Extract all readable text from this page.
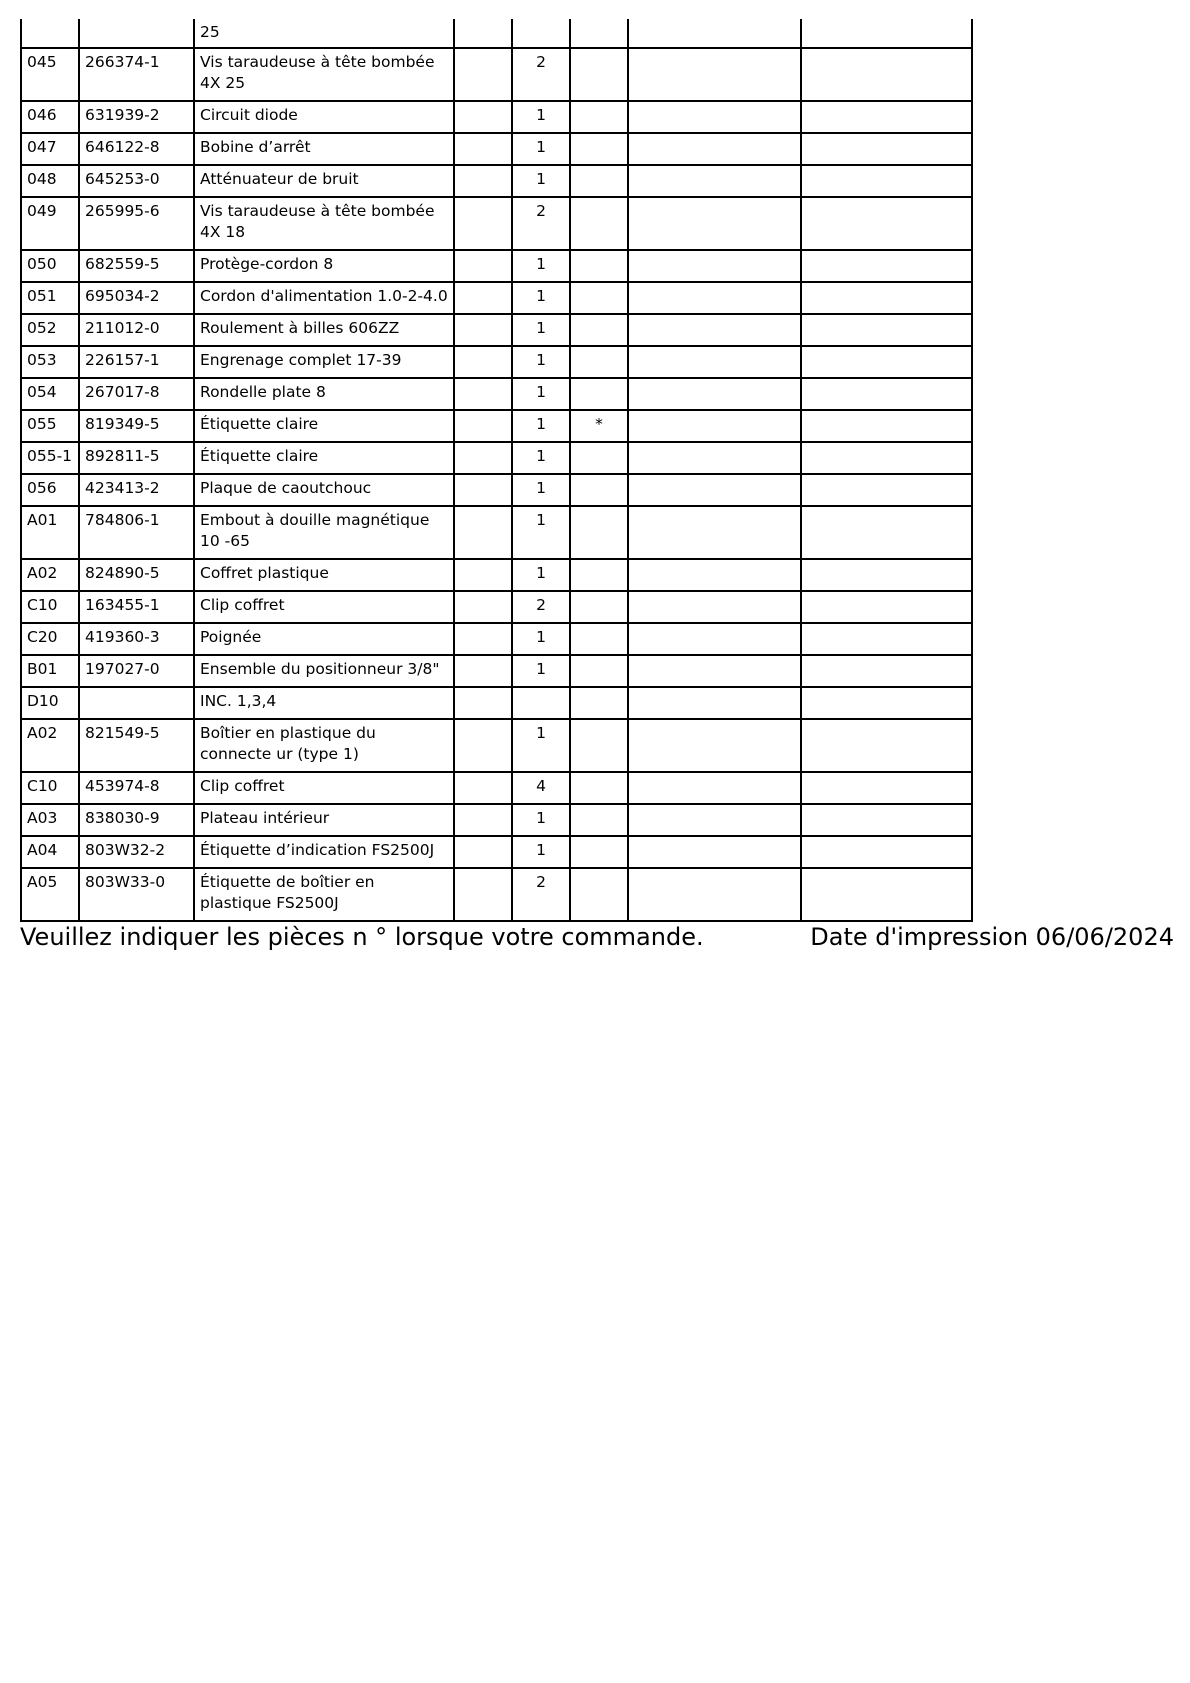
		25					
045	266374-1	Vis taraudeuse à tête bombée 4X 25		2			
046	631939-2	Circuit diode		1			
047	646122-8	Bobine d’arrêt		1			
048	645253-0	Atténuateur de bruit		1			
049	265995-6	Vis taraudeuse à tête bombée 4X 18		2			
050	682559-5	Protège-cordon 8		1			
051	695034-2	Cordon d'alimentation 1.0-2-4.0		1			
052	211012-0	Roulement à billes 606ZZ		1			
053	226157-1	Engrenage complet 17-39		1			
054	267017-8	Rondelle plate 8		1			
055	819349-5	Étiquette claire		1	*		
055-1	892811-5	Étiquette claire		1			
056	423413-2	Plaque de caoutchouc		1			
A01	784806-1	Embout à douille magnétique 10 -65		1			
A02	824890-5	Coffret plastique		1			
C10	163455-1	Clip coffret		2			
C20	419360-3	Poignée		1			
B01	197027-0	Ensemble du positionneur 3/8"		1			
D10		INC. 1,3,4					
A02	821549-5	Boîtier en plastique du connecte ur (type 1)		1			
C10	453974-8	Clip coffret		4			
A03	838030-9	Plateau intérieur		1			
A04	803W32-2	Étiquette d’indication FS2500J		1			
A05	803W33-0	Étiquette de boîtier en plastique FS2500J		2			
Veuillez indiquer les pièces n ° lorsque votre commande.	Date d'impression 06/06/2024
